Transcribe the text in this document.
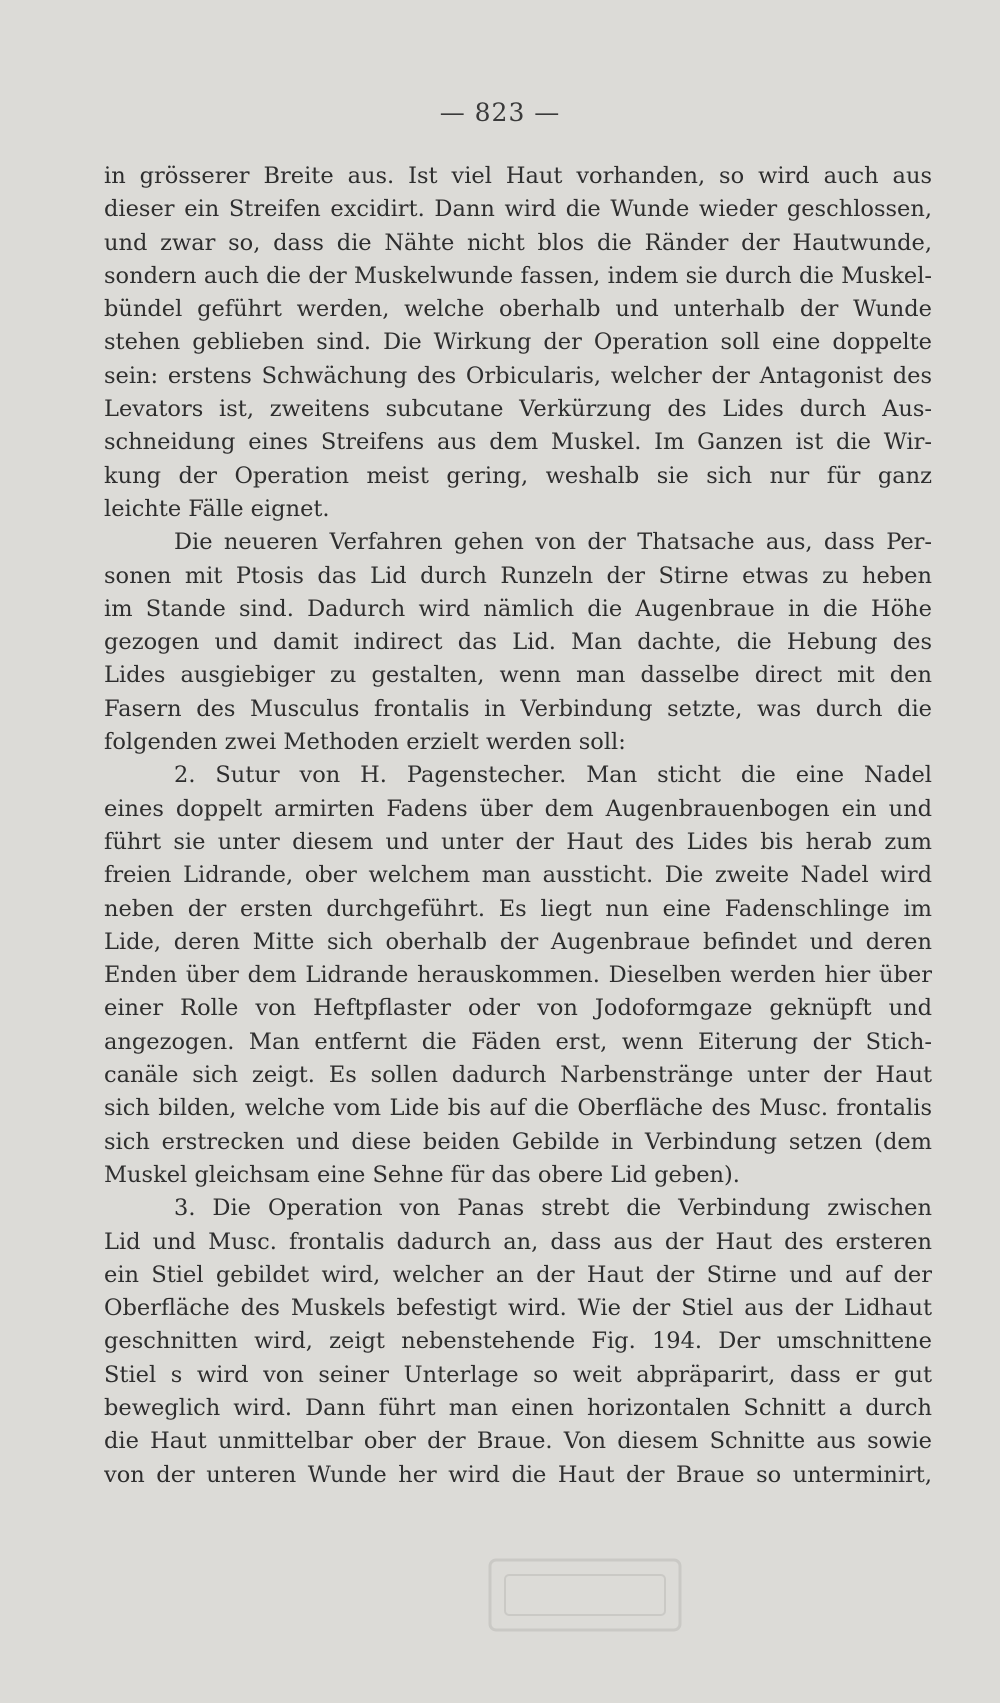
— 823 —
in grösserer Breite aus. Ist viel Haut vorhanden, so wird auch aus
dieser ein Streifen excidirt. Dann wird die Wunde wieder geschlossen,
und zwar so, dass die Nähte nicht blos die Ränder der Hautwunde,
sondern auch die der Muskelwunde fassen, indem sie durch die Muskel-
bündel geführt werden, welche oberhalb und unterhalb der Wunde
stehen geblieben sind. Die Wirkung der Operation soll eine doppelte
sein: erstens Schwächung des Orbicularis, welcher der Antagonist des
Levators ist, zweitens subcutane Verkürzung des Lides durch Aus-
schneidung eines Streifens aus dem Muskel. Im Ganzen ist die Wir-
kung der Operation meist gering, weshalb sie sich nur für ganz
leichte Fälle eignet.
Die neueren Verfahren gehen von der Thatsache aus, dass Per-
sonen mit Ptosis das Lid durch Runzeln der Stirne etwas zu heben
im Stande sind. Dadurch wird nämlich die Augenbraue in die Höhe
gezogen und damit indirect das Lid. Man dachte, die Hebung des
Lides ausgiebiger zu gestalten, wenn man dasselbe direct mit den
Fasern des Musculus frontalis in Verbindung setzte, was durch die
folgenden zwei Methoden erzielt werden soll:
2. Sutur von H. Pagenstecher. Man sticht die eine Nadel
eines doppelt armirten Fadens über dem Augenbrauenbogen ein und
führt sie unter diesem und unter der Haut des Lides bis herab zum
freien Lidrande, ober welchem man aussticht. Die zweite Nadel wird
neben der ersten durchgeführt. Es liegt nun eine Fadenschlinge im
Lide, deren Mitte sich oberhalb der Augenbraue befindet und deren
Enden über dem Lidrande herauskommen. Dieselben werden hier über
einer Rolle von Heftpflaster oder von Jodoformgaze geknüpft und
angezogen. Man entfernt die Fäden erst, wenn Eiterung der Stich-
canäle sich zeigt. Es sollen dadurch Narbenstränge unter der Haut
sich bilden, welche vom Lide bis auf die Oberfläche des Musc. frontalis
sich erstrecken und diese beiden Gebilde in Verbindung setzen (dem
Muskel gleichsam eine Sehne für das obere Lid geben).
3. Die Operation von Panas strebt die Verbindung zwischen
Lid und Musc. frontalis dadurch an, dass aus der Haut des ersteren
ein Stiel gebildet wird, welcher an der Haut der Stirne und auf der
Oberfläche des Muskels befestigt wird. Wie der Stiel aus der Lidhaut
geschnitten wird, zeigt nebenstehende Fig. 194. Der umschnittene
Stiel s wird von seiner Unterlage so weit abpräparirt, dass er gut
beweglich wird. Dann führt man einen horizontalen Schnitt a durch
die Haut unmittelbar ober der Braue. Von diesem Schnitte aus sowie
von der unteren Wunde her wird die Haut der Braue so unterminirt,
